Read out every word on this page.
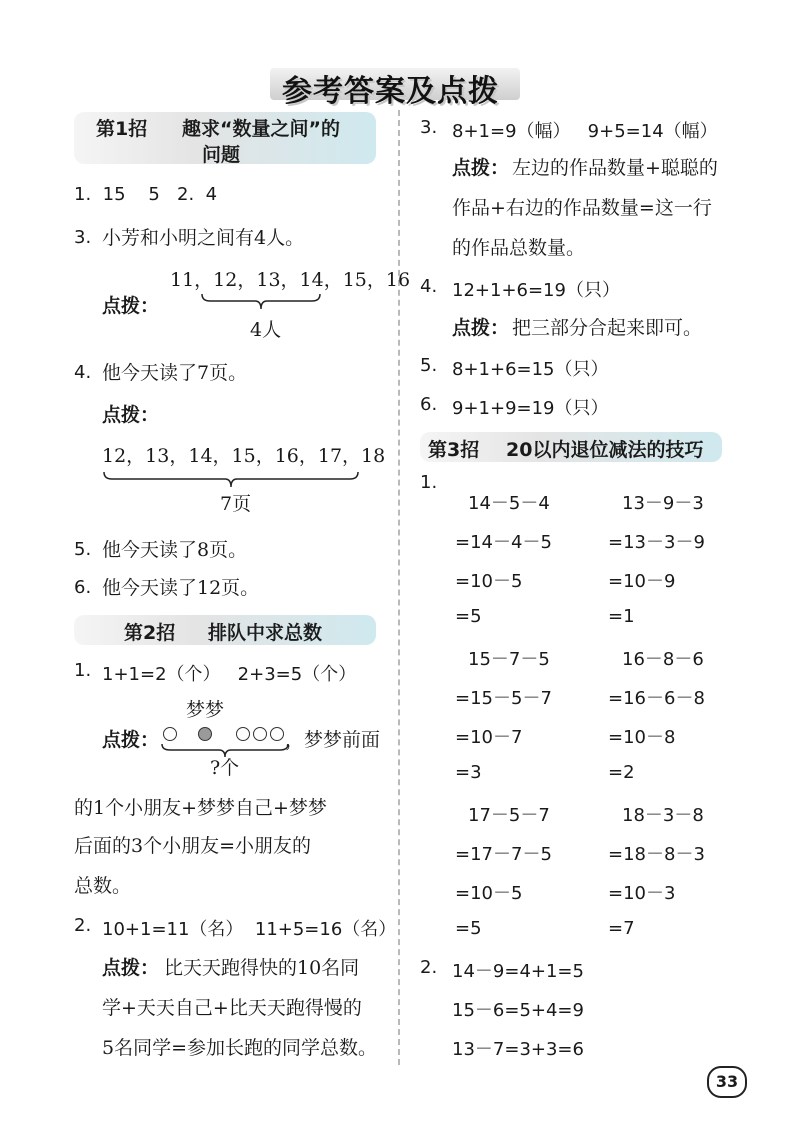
参考答案及点拨
第1招 趣求“数量之间”的
问题
1.  15    5   2.  4
3. 小芳和小明之间有4人。
11，12，13，14，15，16
点拨：
4人
4. 他今天读了7页。
点拨：
12，13，14，15，16，17，18
7页
5. 他今天读了8页。
6. 他今天读了12页。
第2招 排队中求总数
1. 1+1=2（个）   2+3=5（个）
梦梦
点拨：	，梦梦前面
?个
的1个小朋友+梦梦自己+梦梦
后面的3个小朋友=小朋友的
总数。
2. 10+1=11（名）  11+5=16（名）
点拨： 比天天跑得快的10名同
学+天天自己+比天天跑得慢的
5名同学=参加长跑的同学总数。
3. 8+1=9（幅）   9+5=14（幅）
点拨： 左边的作品数量+聪聪的
作品+右边的作品数量=这一行
的作品总数量。
4. 12+1+6=19（只）
点拨： 把三部分合起来即可。
5. 8+1+6=15（只）
6. 9+1+9=19（只）
第3招 20以内退位减法的技巧
1.
14－5－4
=14－4－5
=10－5
=5
15－7－5
=15－5－7
=10－7
=3
17－5－7
=17－7－5
=10－5
=5
13－9－3
=13－3－9
=10－9
=1
16－8－6
=16－6－8
=10－8
=2
18－3－8
=18－8－3
=10－3
=7
2. 14－9=4+1=5
15－6=5+4=9
13－7=3+3=6
33
